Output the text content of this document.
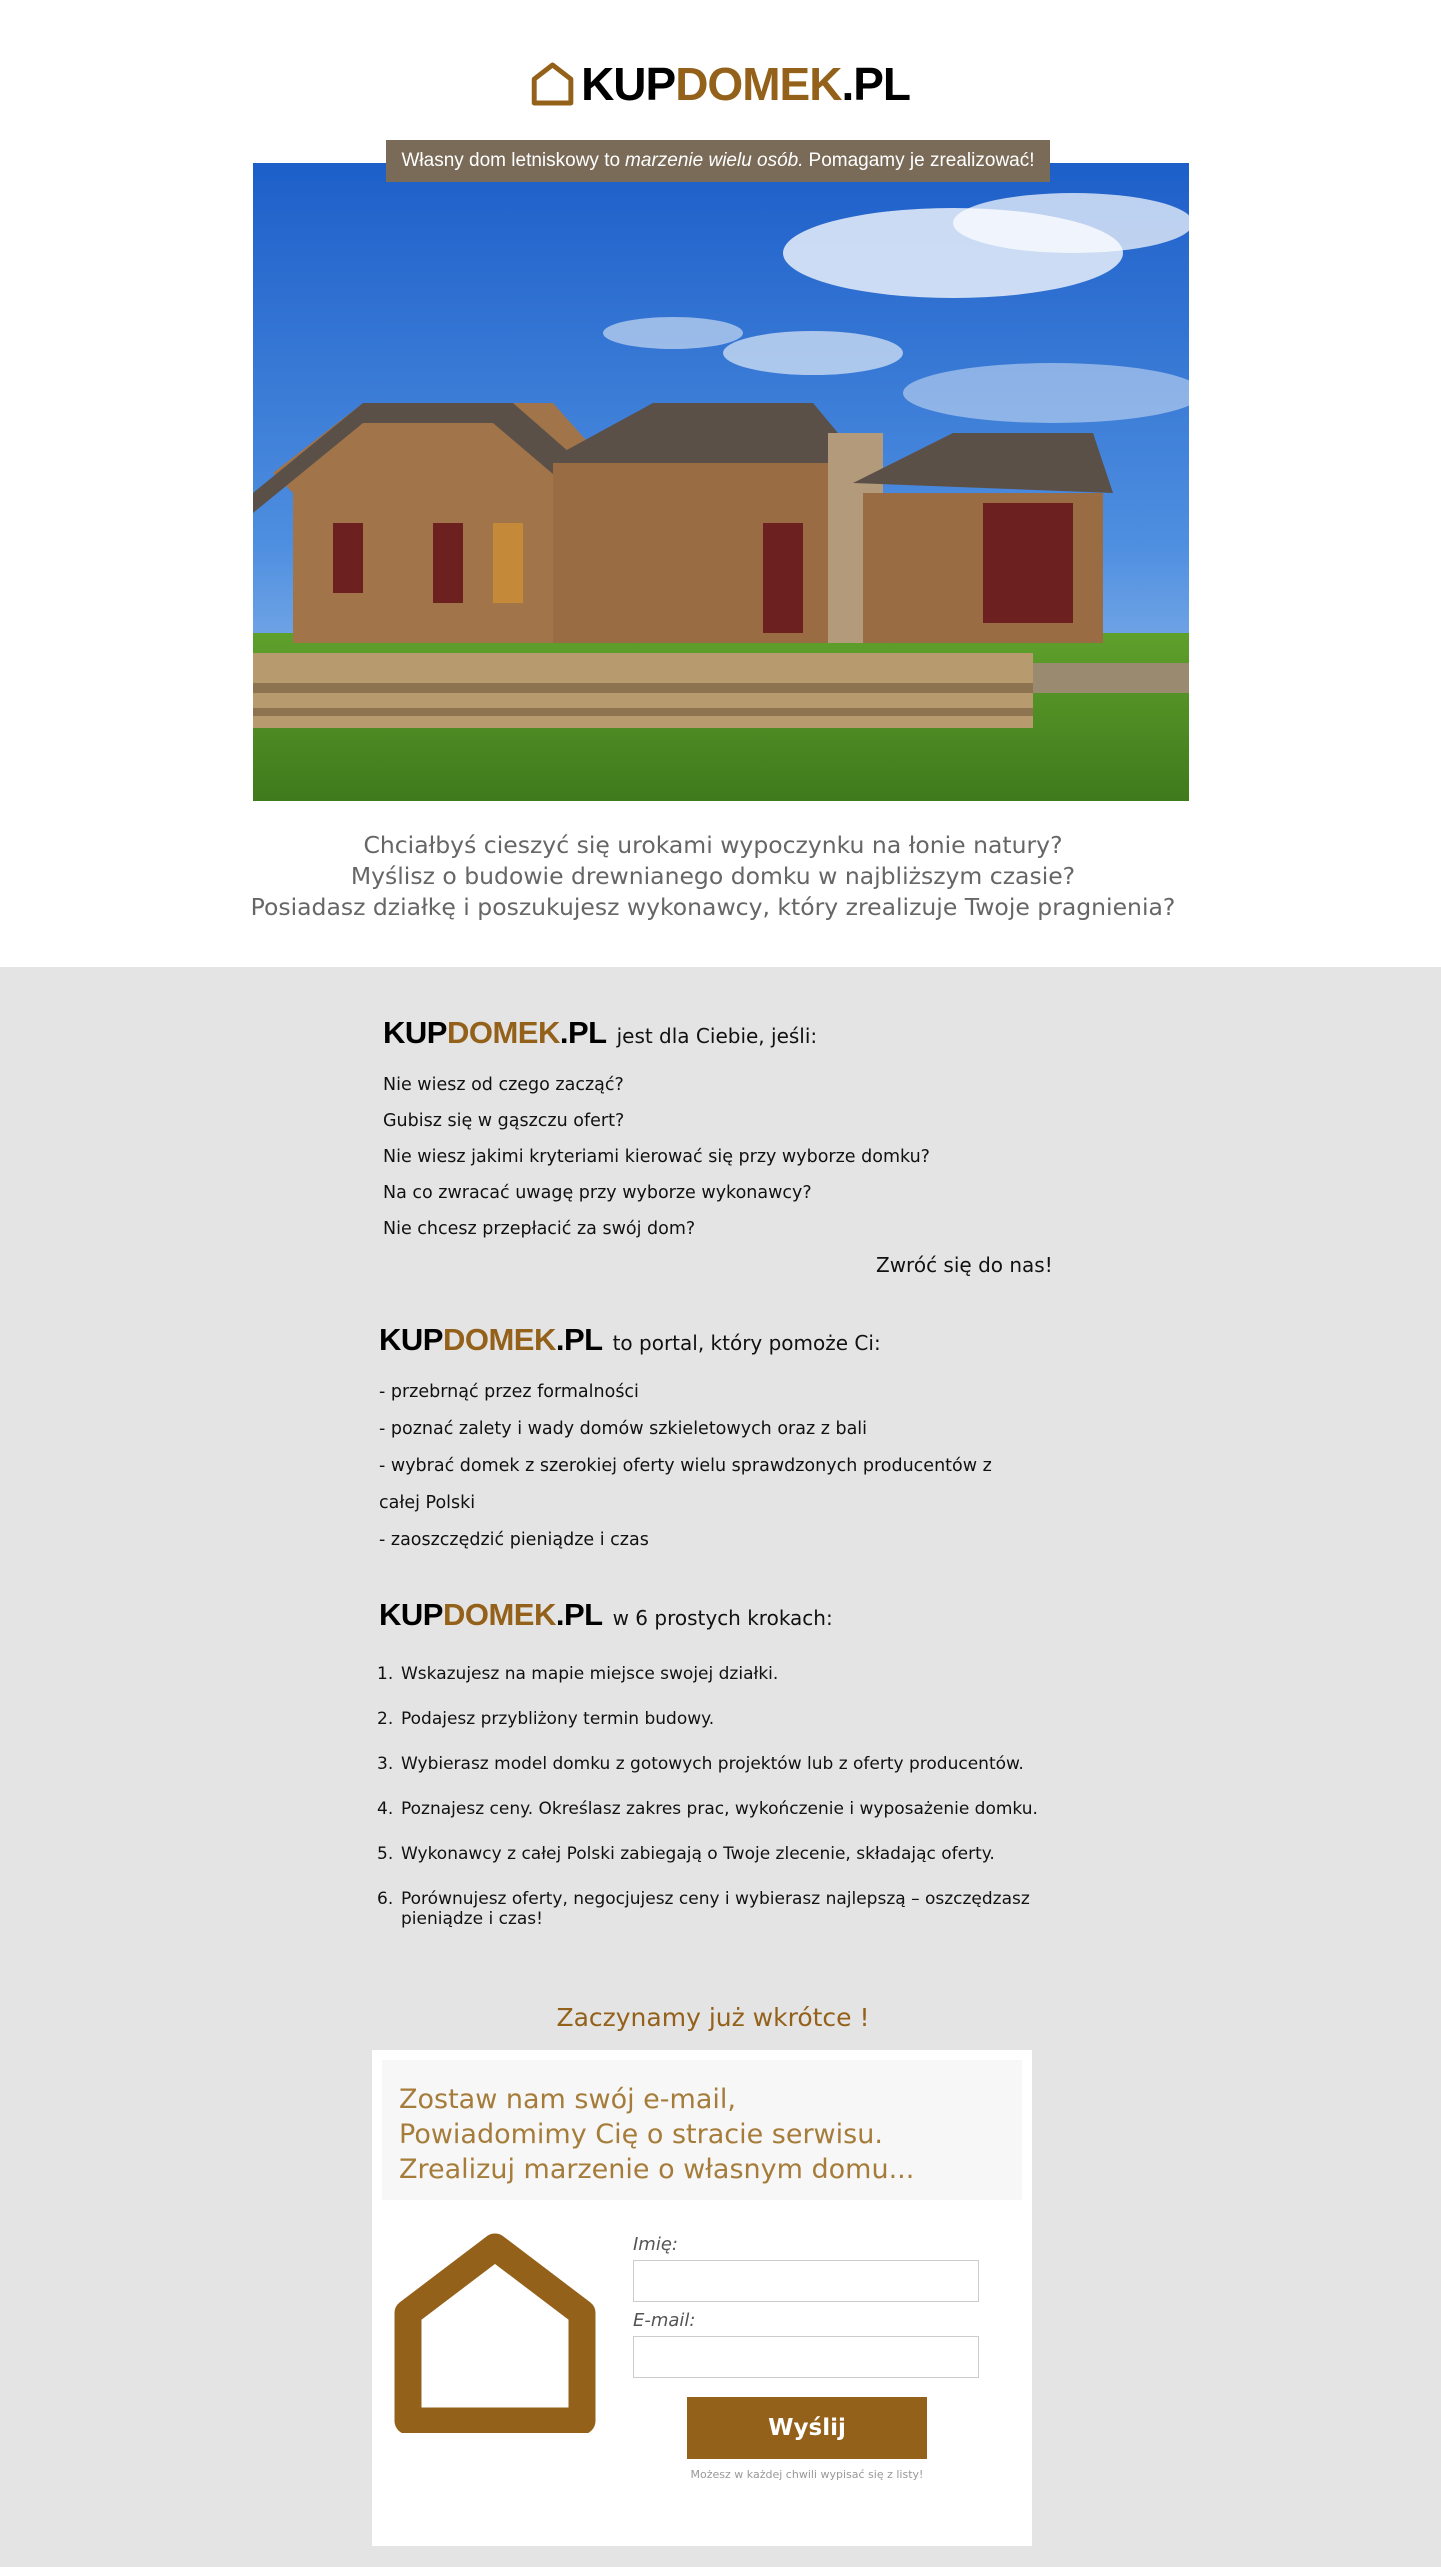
KUPDOMEK.PL
Własny dom letniskowy to marzenie wielu osób. Pomagamy je zrealizować!
Chciałbyś cieszyć się urokami wypoczynku na łonie natury?
Myślisz o budowie drewnianego domku w najbliższym czasie?
Posiadasz działkę i poszukujesz wykonawcy, który zrealizuje Twoje pragnienia?
KUPDOMEK.PL jest dla Ciebie, jeśli:
Nie wiesz od czego zacząć?
Gubisz się w gąszczu ofert?
Nie wiesz jakimi kryteriami kierować się przy wyborze domku?
Na co zwracać uwagę przy wyborze wykonawcy?
Nie chcesz przepłacić za swój dom?
Zwróć się do nas!
KUPDOMEK.PL to portal, który pomoże Ci:
- przebrnąć przez formalności
- poznać zalety i wady domów szkieletowych oraz z bali
- wybrać domek z szerokiej oferty wielu sprawdzonych producentów z
całej Polski
- zaoszczędzić pieniądze i czas
KUPDOMEK.PL w 6 prostych krokach:
1. Wskazujesz na mapie miejsce swojej działki.
2. Podajesz przybliżony termin budowy.
3. Wybierasz model domku z gotowych projektów lub z oferty producentów.
4. Poznajesz ceny. Określasz zakres prac, wykończenie i wyposażenie domku.
5. Wykonawcy z całej Polski zabiegają o Twoje zlecenie, składając oferty.
6. Porównujesz oferty, negocjujesz ceny i wybierasz najlepszą – oszczędzasz
pieniądze i czas!
Zaczynamy już wkrótce !
Zostaw nam swój e-mail,
Powiadomimy Cię o stracie serwisu.
Zrealizuj marzenie o własnym domu...
Imię:
E-mail:
Wyślij
Możesz w każdej chwili wypisać się z listy!
